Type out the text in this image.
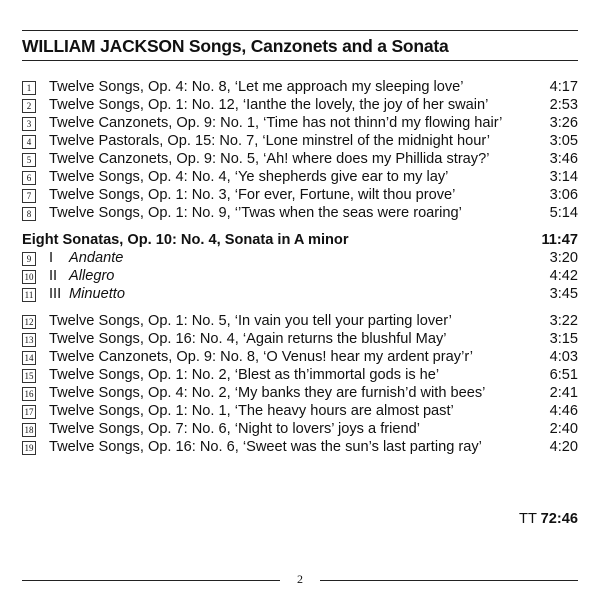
WILLIAM JACKSON Songs, Canzonets and a Sonata
1	Twelve Songs, Op. 4: No. 8, ‘Let me approach my sleeping love’	4:17
2	Twelve Songs, Op. 1: No. 12, ‘Ianthe the lovely, the joy of her swain’	2:53
3	Twelve Canzonets, Op. 9: No. 1, ‘Time has not thinn’d my flowing hair’	3:26
4	Twelve Pastorals, Op. 15: No. 7, ‘Lone minstrel of the midnight hour’	3:05
5	Twelve Canzonets, Op. 9: No. 5, ‘Ah! where does my Phillida stray?’	3:46
6	Twelve Songs, Op. 4: No. 4, ‘Ye shepherds give ear to my lay’	3:14
7	Twelve Songs, Op. 1: No. 3, ‘For ever, Fortune, wilt thou prove’	3:06
8	Twelve Songs, Op. 1: No. 9, ‘’Twas when the seas were roaring’	5:14
Eight Sonatas, Op. 10: No. 4, Sonata in A minor	11:47
9	I Andante	3:20
10 II Allegro	4:42
11 III Minuetto	3:45
12 Twelve Songs, Op. 1: No. 5, ‘In vain you tell your parting lover’	3:22
13 Twelve Songs, Op. 16: No. 4, ‘Again returns the blushful May’	3:15
14 Twelve Canzonets, Op. 9: No. 8, ‘O Venus! hear my ardent pray’r’	4:03
15 Twelve Songs, Op. 1: No. 2, ‘Blest as th’immortal gods is he’	6:51
16 Twelve Songs, Op. 4: No. 2, ‘My banks they are furnish’d with bees’	2:41
17 Twelve Songs, Op. 1: No. 1, ‘The heavy hours are almost past’	4:46
18 Twelve Songs, Op. 7: No. 6, ‘Night to lovers’ joys a friend’	2:40
19 Twelve Songs, Op. 16: No. 6, ‘Sweet was the sun’s last parting ray’	4:20
TT 72:46
2
